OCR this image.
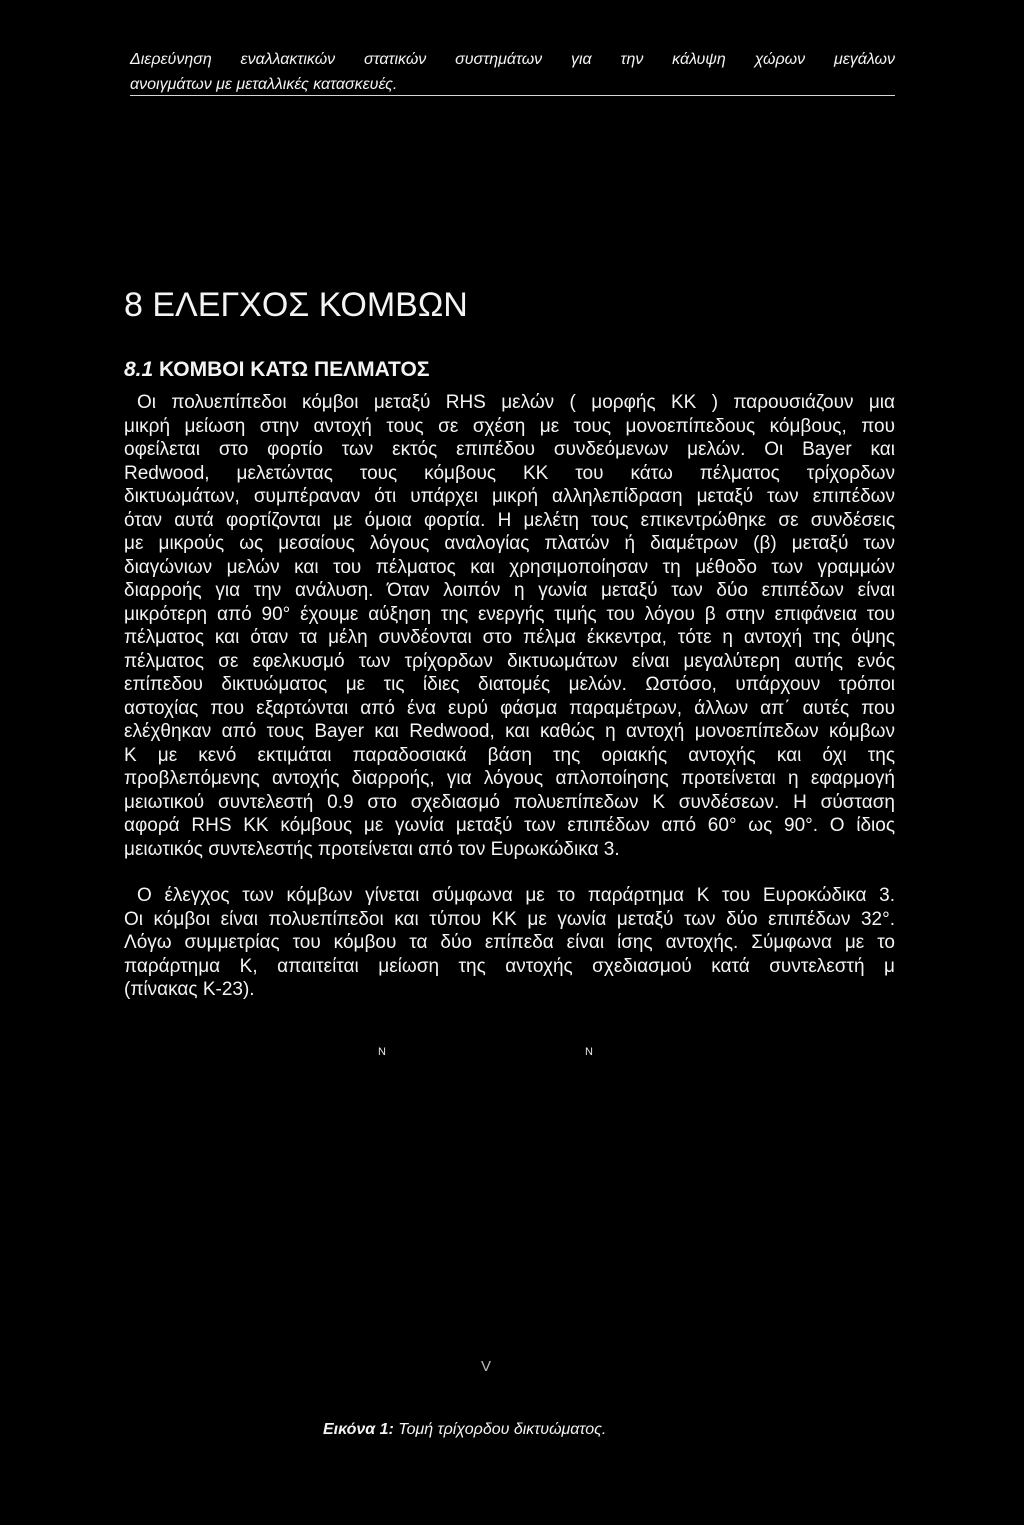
Διερεύνηση εναλλακτικών στατικών συστημάτων για την κάλυψη χώρων μεγάλων
ανοιγμάτων με μεταλλικές κατασκευές.
8 ΕΛΕΓΧΟΣ ΚΟΜΒΩΝ
8.1 ΚΟΜΒΟΙ ΚΑΤΩ ΠΕΛΜΑΤΟΣ
Οι πολυεπίπεδοι κόμβοι μεταξύ RHS μελών ( μορφής ΚΚ ) παρουσιάζουν μια
μικρή μείωση στην αντοχή τους σε σχέση με τους μονοεπίπεδους κόμβους, που
οφείλεται στο φορτίο των εκτός επιπέδου συνδεόμενων μελών. Οι Bayer και
Redwood, μελετώντας τους κόμβους ΚΚ του κάτω πέλματος τρίχορδων
δικτυωμάτων, συμπέραναν ότι υπάρχει μικρή αλληλεπίδραση μεταξύ των επιπέδων
όταν αυτά φορτίζονται με όμοια φορτία. Η μελέτη τους επικεντρώθηκε σε συνδέσεις
με μικρούς ως μεσαίους λόγους αναλογίας πλατών ή διαμέτρων (β) μεταξύ των
διαγώνιων μελών και του πέλματος και χρησιμοποίησαν τη μέθοδο των γραμμών
διαρροής για την ανάλυση. Όταν λοιπόν η γωνία μεταξύ των δύο επιπέδων είναι
μικρότερη από 90° έχουμε αύξηση της ενεργής τιμής του λόγου β στην επιφάνεια του
πέλματος και όταν τα μέλη συνδέονται στο πέλμα έκκεντρα, τότε η αντοχή της όψης
πέλματος σε εφελκυσμό των τρίχορδων δικτυωμάτων είναι μεγαλύτερη αυτής ενός
επίπεδου δικτυώματος με τις ίδιες διατομές μελών. Ωστόσο, υπάρχουν τρόποι
αστοχίας που εξαρτώνται από ένα ευρύ φάσμα παραμέτρων, άλλων απ΄ αυτές που
ελέχθηκαν από τους Bayer και Redwood, και καθώς η αντοχή μονοεπίπεδων κόμβων
Κ με κενό εκτιμάται παραδοσιακά βάση της οριακής αντοχής και όχι της
προβλεπόμενης αντοχής διαρροής, για λόγους απλοποίησης προτείνεται η εφαρμογή
μειωτικού συντελεστή 0.9 στο σχεδιασμό πολυεπίπεδων Κ συνδέσεων. Η σύσταση
αφορά RHS ΚΚ κόμβους με γωνία μεταξύ των επιπέδων από 60° ως 90°. Ο ίδιος
μειωτικός συντελεστής προτείνεται από τον Ευρωκώδικα 3.
Ο έλεγχος των κόμβων γίνεται σύμφωνα με το παράρτημα Κ του Ευροκώδικα 3.
Οι κόμβοι είναι πολυεπίπεδοι και τύπου ΚΚ με γωνία μεταξύ των δύο επιπέδων 32°.
Λόγω συμμετρίας του κόμβου τα δύο επίπεδα είναι ίσης αντοχής. Σύμφωνα με το
παράρτημα Κ, απαιτείται μείωση της αντοχής σχεδιασμού κατά συντελεστή μ
(πίνακας Κ-23).
N	N
V
Εικόνα 1: Τομή τρίχορδου δικτυώματος.
